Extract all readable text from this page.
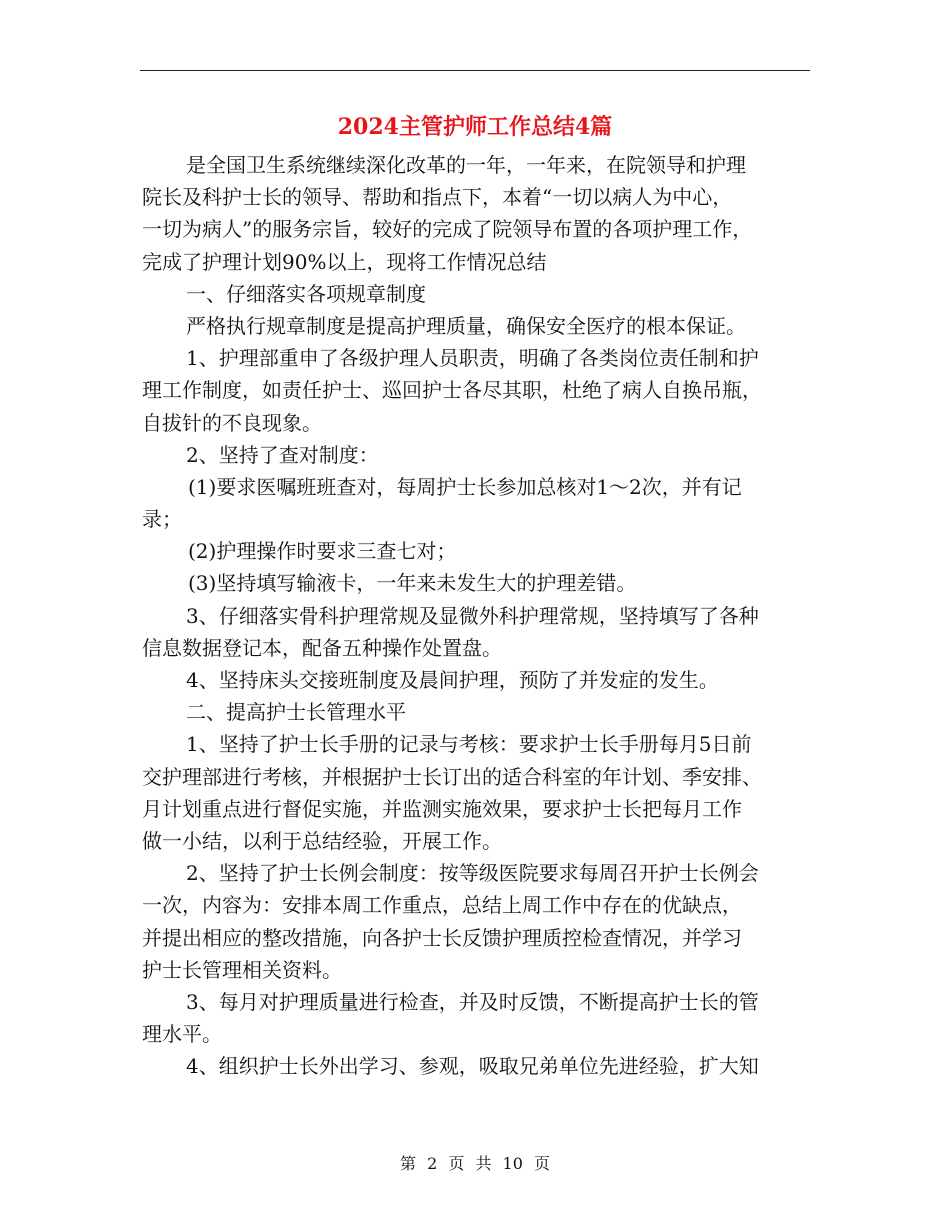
2024主管护师工作总结4篇
是全国卫生系统继续深化改革的一年，一年来，在院领导和护理
院长及科护士长的领导、帮助和指点下，本着“一切以病人为中心，
一切为病人”的服务宗旨，较好的完成了院领导布置的各项护理工作，
完成了护理计划90%以上，现将工作情况总结
一、仔细落实各项规章制度
严格执行规章制度是提高护理质量，确保安全医疗的根本保证。
1、护理部重申了各级护理人员职责，明确了各类岗位责任制和护
理工作制度，如责任护士、巡回护士各尽其职，杜绝了病人自换吊瓶，
自拔针的不良现象。
2、坚持了查对制度：
(1)要求医嘱班班查对，每周护士长参加总核对1～2次，并有记
录；
(2)护理操作时要求三查七对；
(3)坚持填写输液卡，一年来未发生大的护理差错。
3、仔细落实骨科护理常规及显微外科护理常规，坚持填写了各种
信息数据登记本，配备五种操作处置盘。
4、坚持床头交接班制度及晨间护理，预防了并发症的发生。
二、提高护士长管理水平
1、坚持了护士长手册的记录与考核：要求护士长手册每月5日前
交护理部进行考核，并根据护士长订出的适合科室的年计划、季安排、
月计划重点进行督促实施，并监测实施效果，要求护士长把每月工作
做一小结，以利于总结经验，开展工作。
2、坚持了护士长例会制度：按等级医院要求每周召开护士长例会
一次，内容为：安排本周工作重点，总结上周工作中存在的优缺点，
并提出相应的整改措施，向各护士长反馈护理质控检查情况，并学习
护士长管理相关资料。
3、每月对护理质量进行检查，并及时反馈，不断提高护士长的管
理水平。
4、组织护士长外出学习、参观，吸取兄弟单位先进经验，扩大知
第 2 页 共 10 页
